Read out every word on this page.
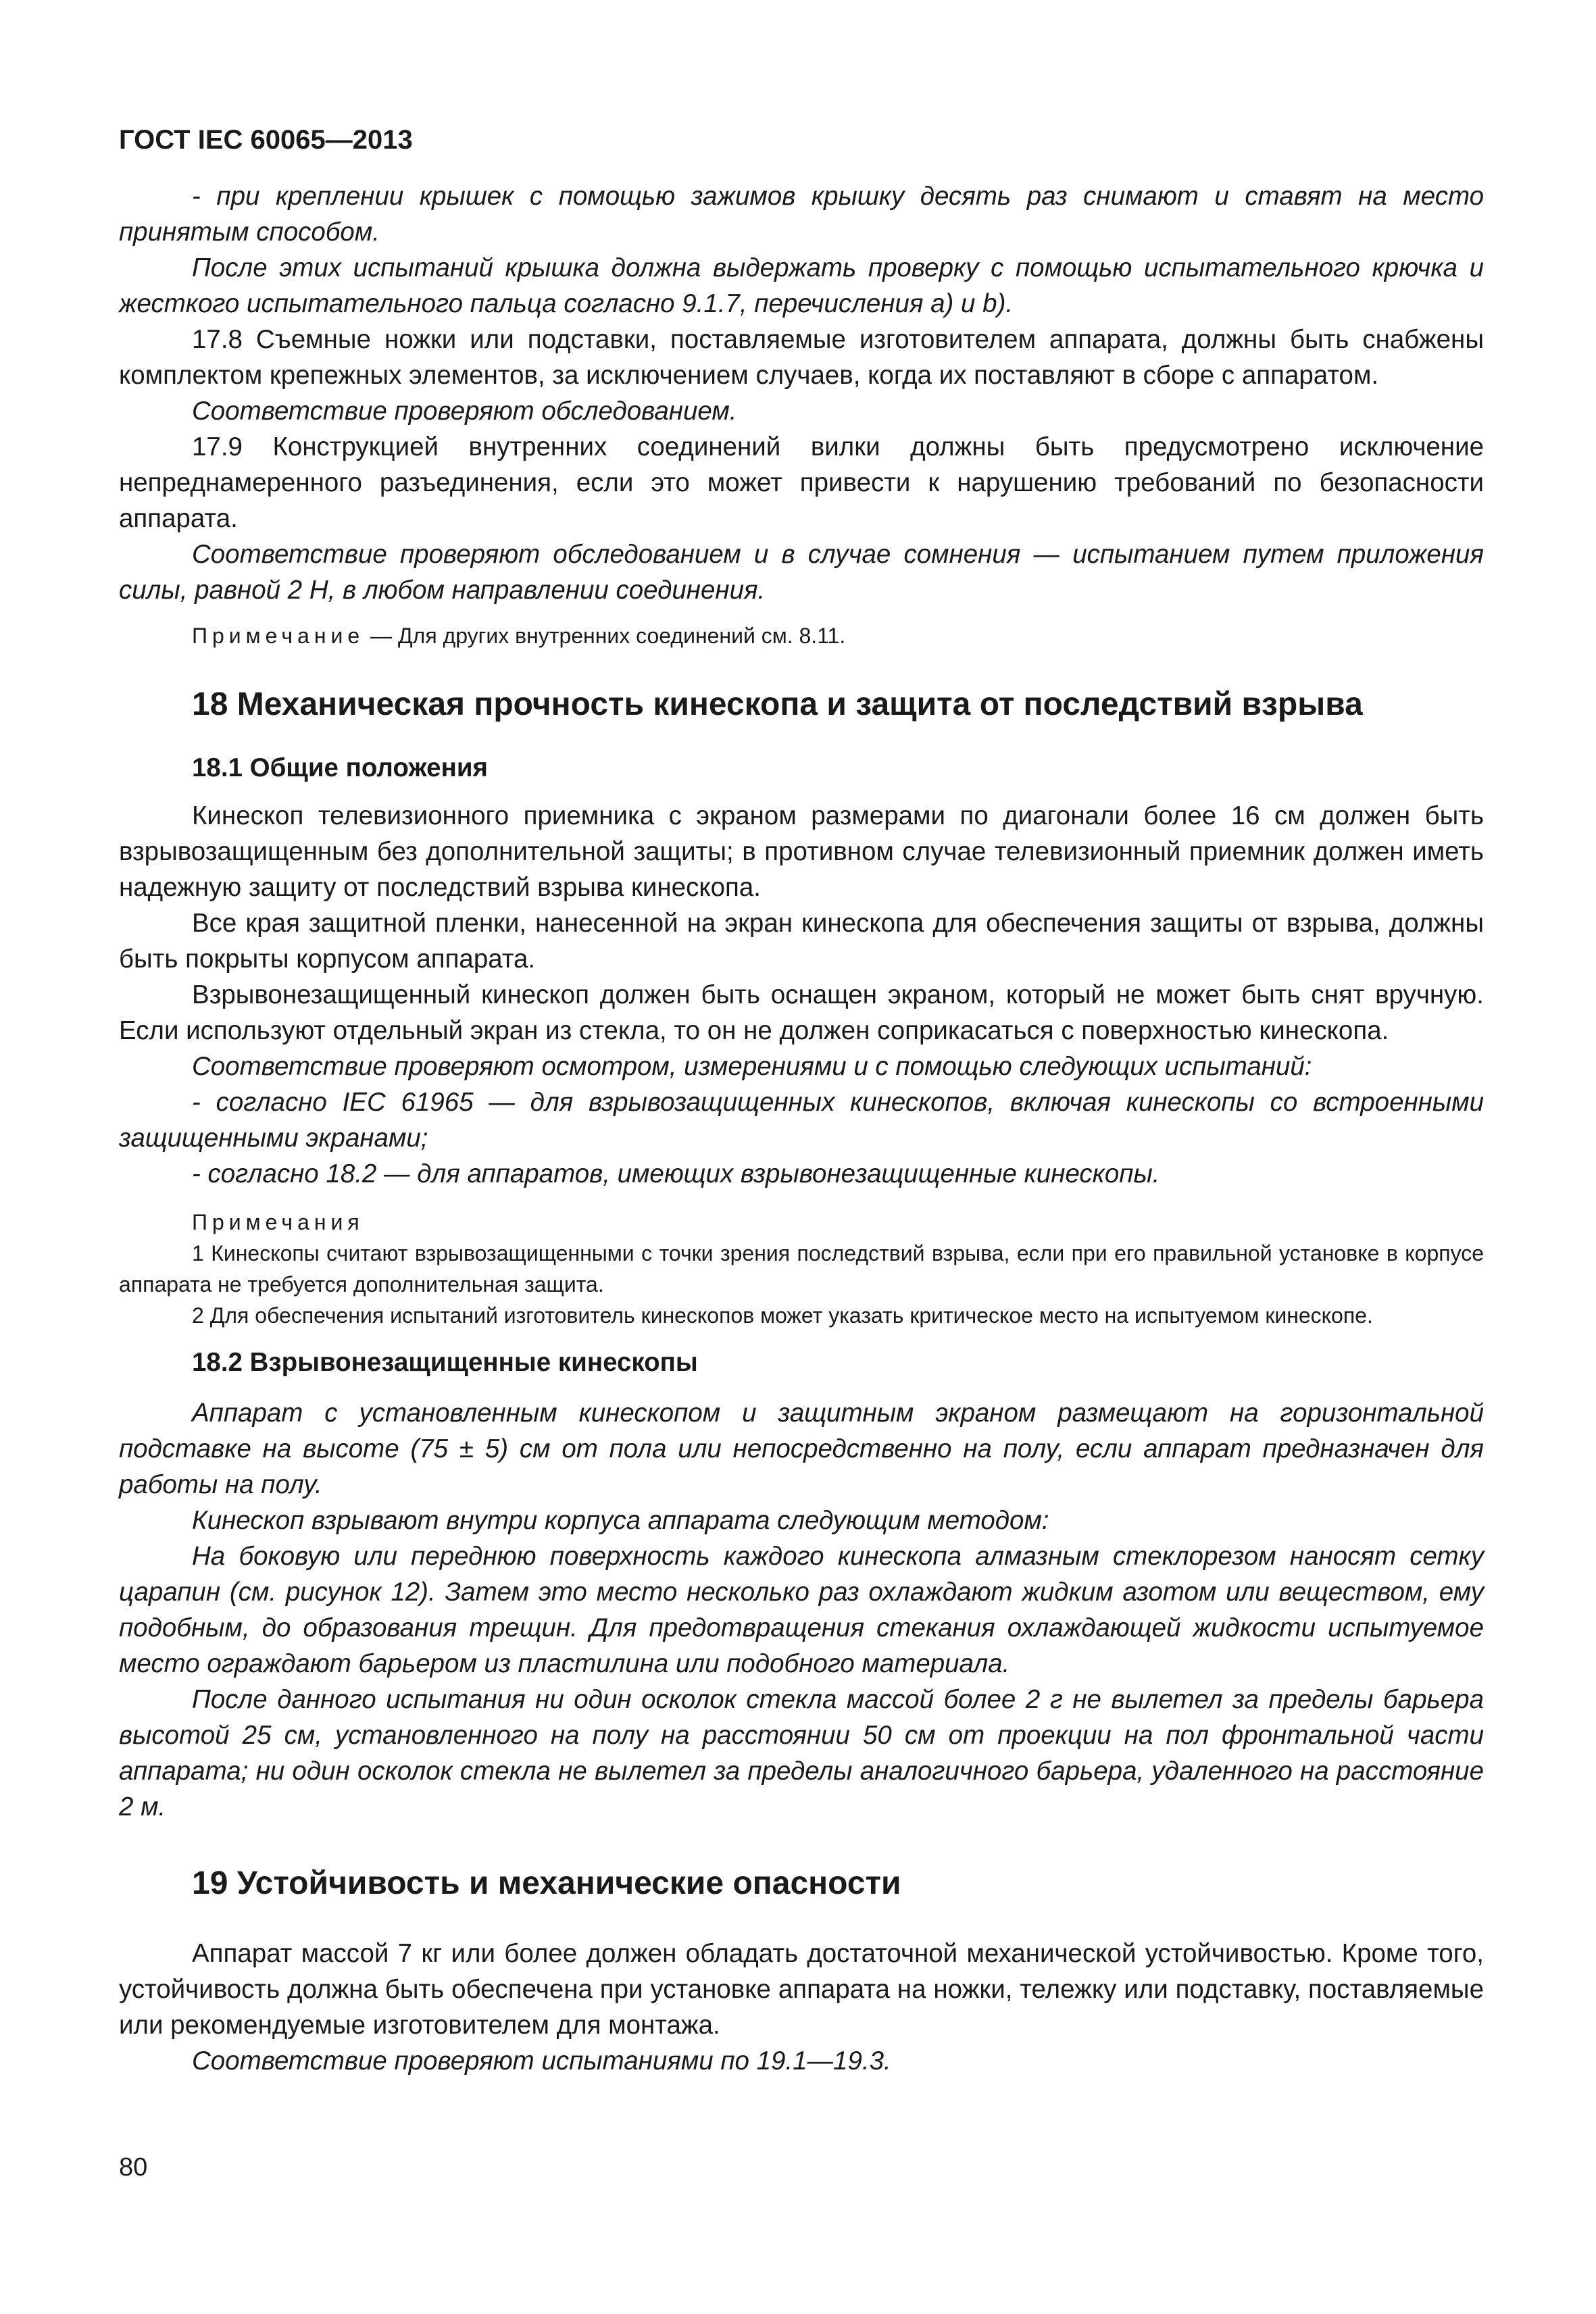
ГОСТ IEC 60065—2013

- при креплении крышек с помощью зажимов крышку десять раз снимают и ставят на место принятым способом.

После этих испытаний крышка должна выдержать проверку с помощью испытательного крючка и жесткого испытательного пальца согласно 9.1.7, перечисления a) и b).

17.8 Съемные ножки или подставки, поставляемые изготовителем аппарата, должны быть снабжены комплектом крепежных элементов, за исключением случаев, когда их поставляют в сборе с аппаратом.

Соответствие проверяют обследованием.

17.9 Конструкцией внутренних соединений вилки должны быть предусмотрено исключение непреднамеренного разъединения, если это может привести к нарушению требований по безопасности аппарата.

Соответствие проверяют обследованием и в случае сомнения — испытанием путем приложения силы, равной 2 Н, в любом направлении соединения.

Примечание — Для других внутренних соединений см. 8.11.
18 Механическая прочность кинескопа и защита от последствий взрыва
18.1 Общие положения

Кинескоп телевизионного приемника с экраном размерами по диагонали более 16 см должен быть взрывозащищенным без дополнительной защиты; в противном случае телевизионный приемник должен иметь надежную защиту от последствий взрыва кинескопа.

Все края защитной пленки, нанесенной на экран кинескопа для обеспечения защиты от взрыва, должны быть покрыты корпусом аппарата.

Взрывонезащищенный кинескоп должен быть оснащен экраном, который не может быть снят вручную. Если используют отдельный экран из стекла, то он не должен соприкасаться с поверхностью кинескопа.

Соответствие проверяют осмотром, измерениями и с помощью следующих испытаний:

- согласно IEC 61965 — для взрывозащищенных кинескопов, включая кинескопы со встроенными защищенными экранами;

- согласно 18.2 — для аппаратов, имеющих взрывонезащищенные кинескопы.

Примечания
1 Кинескопы считают взрывозащищенными с точки зрения последствий взрыва, если при его правильной установке в корпусе аппарата не требуется дополнительная защита.
2 Для обеспечения испытаний изготовитель кинескопов может указать критическое место на испытуемом кинескопе.
18.2 Взрывонезащищенные кинескопы

Аппарат с установленным кинескопом и защитным экраном размещают на горизонтальной подставке на высоте (75 ± 5) см от пола или непосредственно на полу, если аппарат предназначен для работы на полу.

Кинескоп взрывают внутри корпуса аппарата следующим методом:

На боковую или переднюю поверхность каждого кинескопа алмазным стеклорезом наносят сетку царапин (см. рисунок 12). Затем это место несколько раз охлаждают жидким азотом или веществом, ему подобным, до образования трещин. Для предотвращения стекания охлаждающей жидкости испытуемое место ограждают барьером из пластилина или подобного материала.

После данного испытания ни один осколок стекла массой более 2 г не вылетел за пределы барьера высотой 25 см, установленного на полу на расстоянии 50 см от проекции на пол фронтальной части аппарата; ни один осколок стекла не вылетел за пределы аналогичного барьера, удаленного на расстояние 2 м.

19 Устойчивость и механические опасности

Аппарат массой 7 кг или более должен обладать достаточной механической устойчивостью. Кроме того, устойчивость должна быть обеспечена при установке аппарата на ножки, тележку или подставку, поставляемые или рекомендуемые изготовителем для монтажа.

Соответствие проверяют испытаниями по 19.1—19.3.

80
